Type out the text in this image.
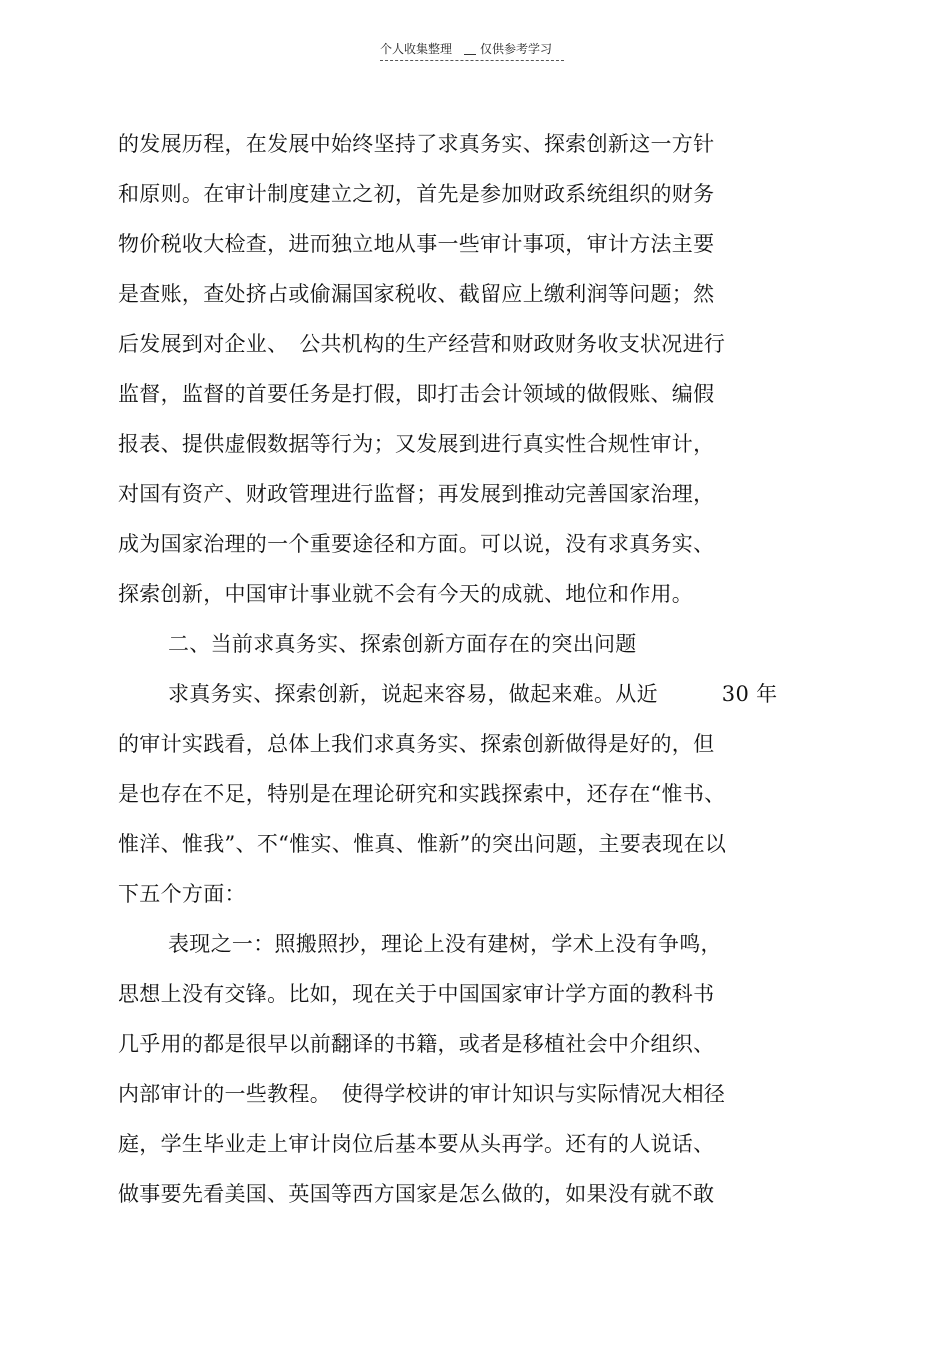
个人收集整理 仅供参考学习
的发展历程，在发展中始终坚持了求真务实、探索创新这一方针
和原则。在审计制度建立之初，首先是参加财政系统组织的财务
物价税收大检查，进而独立地从事一些审计事项，审计方法主要
是查账，查处挤占或偷漏国家税收、截留应上缴利润等问题；然
后发展到对企业、　公共机构的生产经营和财政财务收支状况进行
监督，监督的首要任务是打假，即打击会计领域的做假账、编假
报表、提供虚假数据等行为；又发展到进行真实性合规性审计，
对国有资产、财政管理进行监督；再发展到推动完善国家治理，
成为国家治理的一个重要途径和方面。可以说，没有求真务实、
探索创新，中国审计事业就不会有今天的成就、地位和作用。
二、当前求真务实、探索创新方面存在的突出问题
求真务实、探索创新，说起来容易，做起来难。从近　　　30 年
的审计实践看，总体上我们求真务实、探索创新做得是好的，但
是也存在不足，特别是在理论研究和实践探索中，还存在“惟书、
惟洋、惟我”、不“惟实、惟真、惟新”的突出问题，主要表现在以
下五个方面：
表现之一：照搬照抄，理论上没有建树，学术上没有争鸣，
思想上没有交锋。比如，现在关于中国国家审计学方面的教科书
几乎用的都是很早以前翻译的书籍，或者是移植社会中介组织、
内部审计的一些教程。　使得学校讲的审计知识与实际情况大相径
庭，学生毕业走上审计岗位后基本要从头再学。还有的人说话、
做事要先看美国、英国等西方国家是怎么做的，如果没有就不敢
